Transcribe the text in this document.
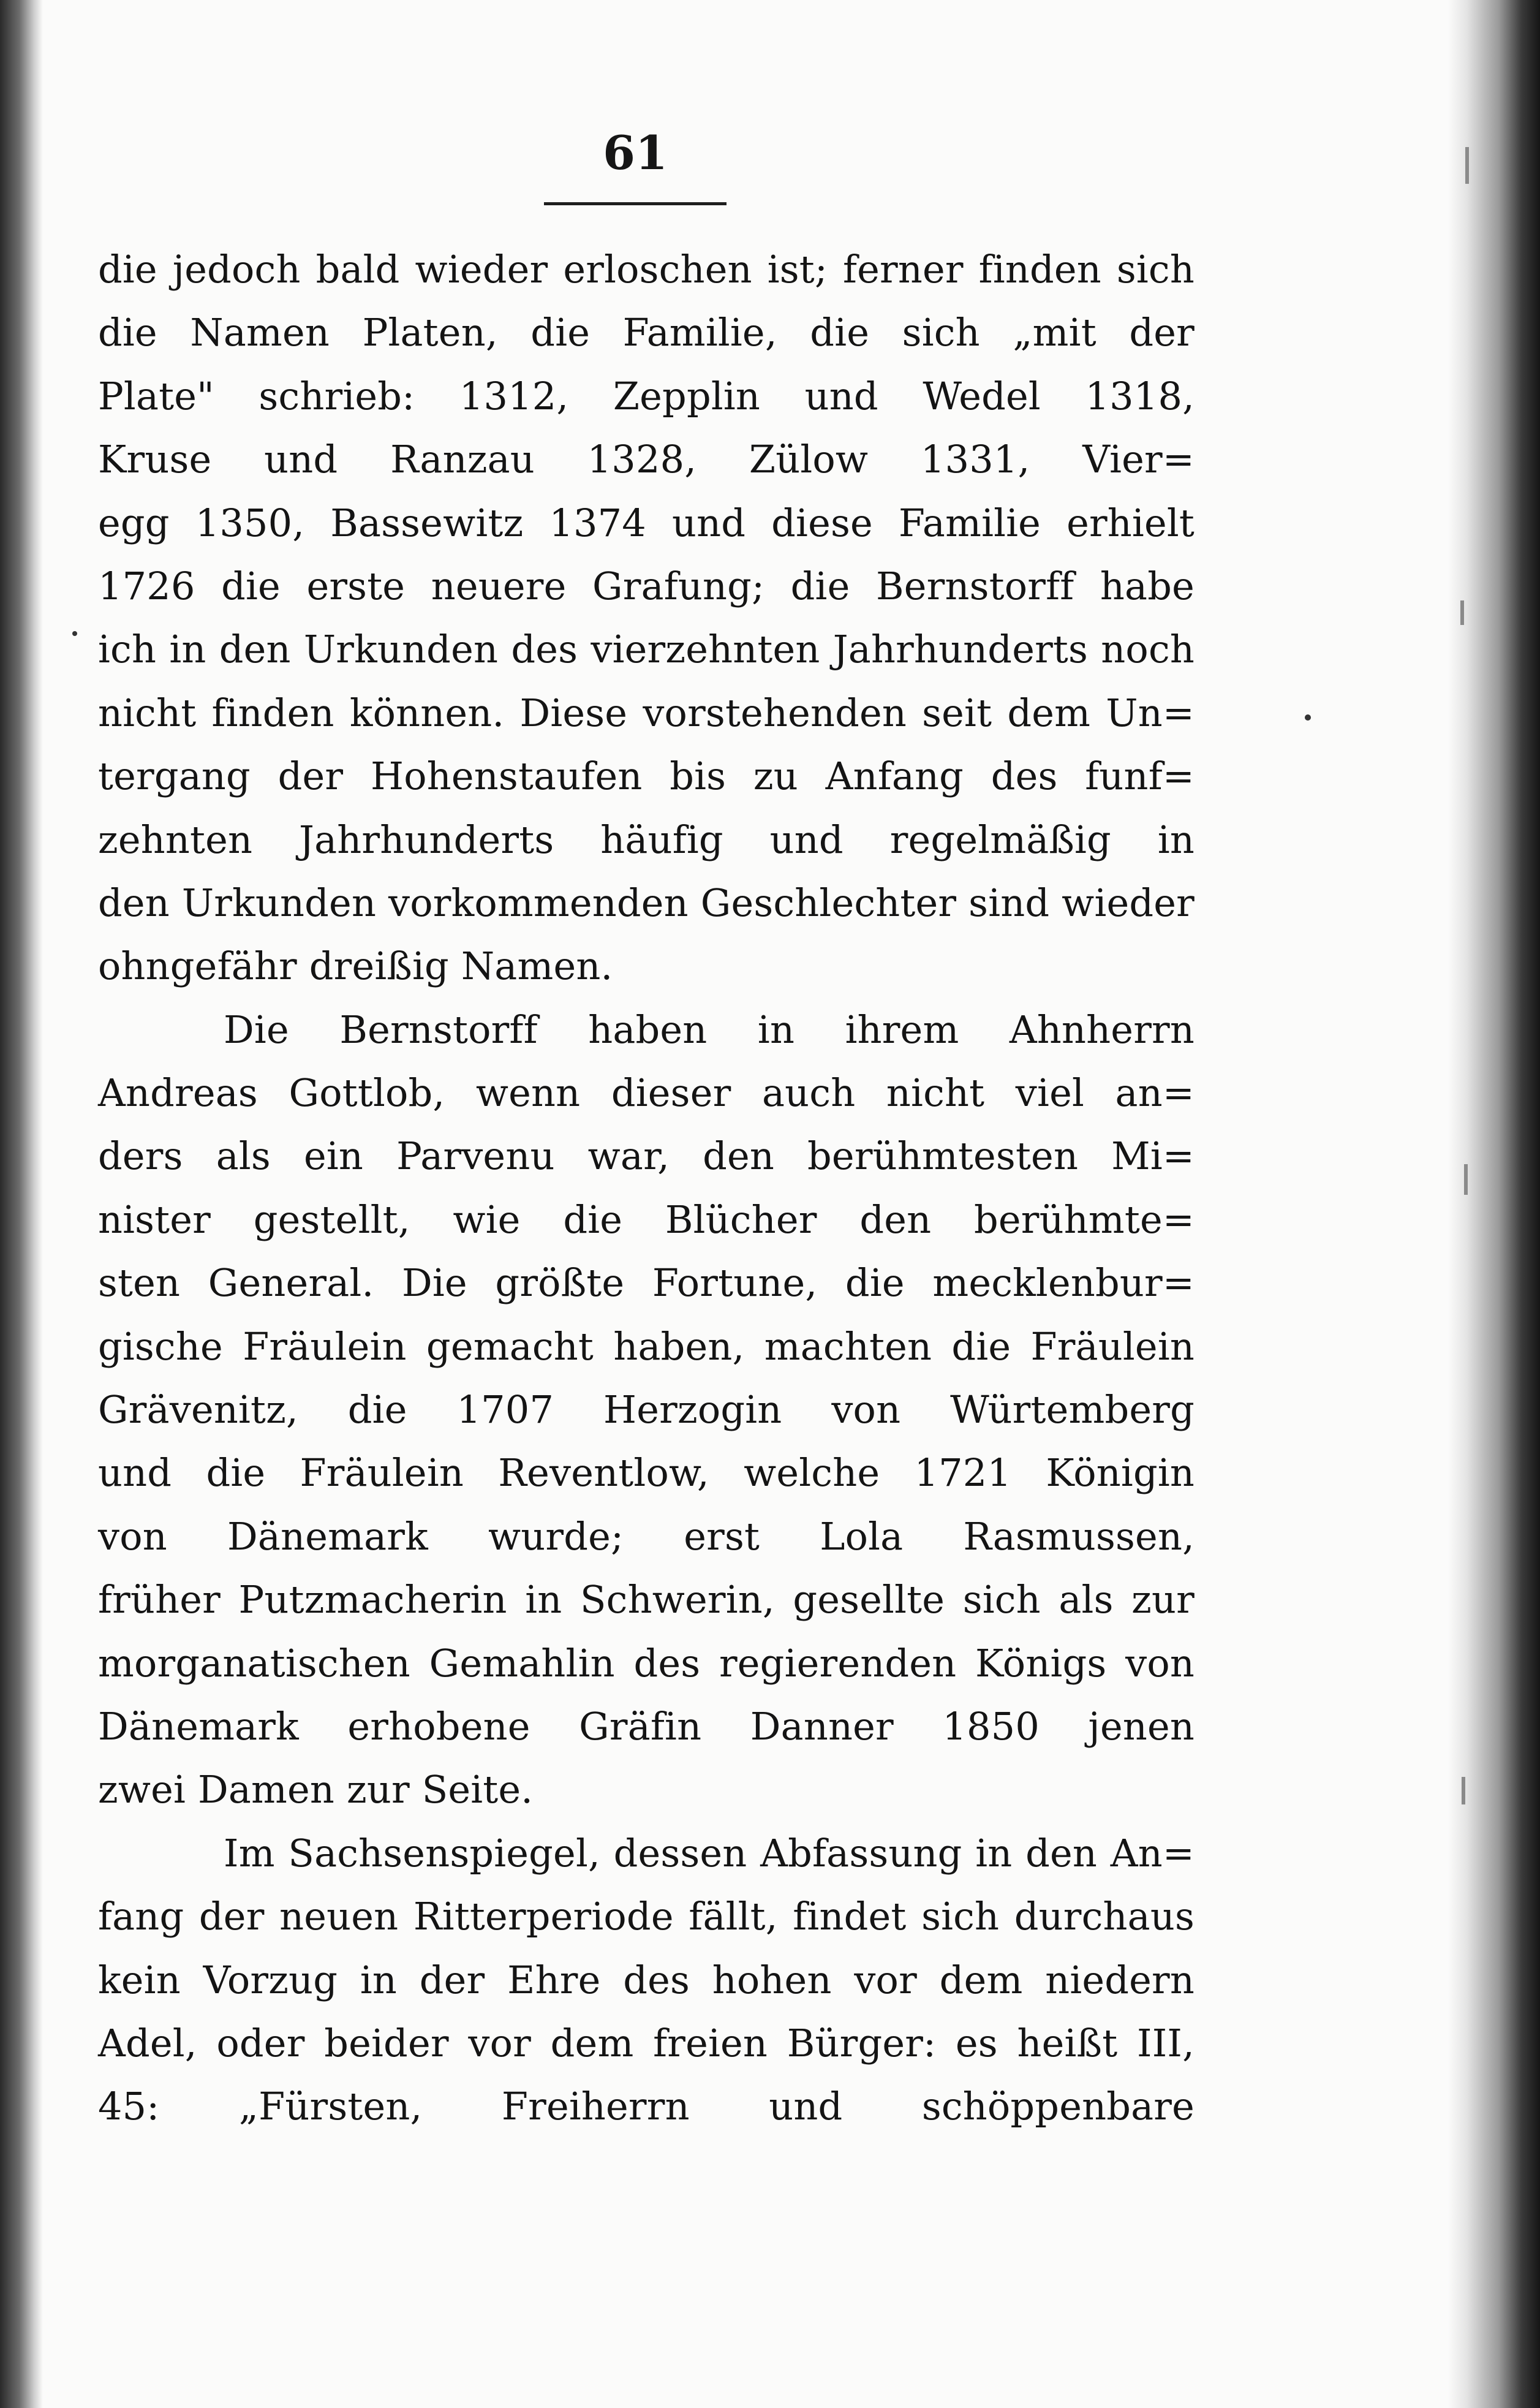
61
die jedoch bald wieder erloschen ist; ferner finden sich
die Namen Platen, die Familie, die sich „mit der
Plate" schrieb: 1312, Zepplin und Wedel 1318,
Kruse und Ranzau 1328, Zülow 1331, Vier=
egg 1350, Bassewitz 1374 und diese Familie erhielt
1726 die erste neuere Grafung; die Bernstorff habe
ich in den Urkunden des vierzehnten Jahrhunderts noch
nicht finden können. Diese vorstehenden seit dem Un=
tergang der Hohenstaufen bis zu Anfang des funf=
zehnten Jahrhunderts häufig und regelmäßig in
den Urkunden vorkommenden Geschlechter sind wieder
ohngefähr dreißig Namen.
Die Bernstorff haben in ihrem Ahnherrn
Andreas Gottlob, wenn dieser auch nicht viel an=
ders als ein Parvenu war, den berühmtesten Mi=
nister gestellt, wie die Blücher den berühmte=
sten General. Die größte Fortune, die mecklenbur=
gische Fräulein gemacht haben, machten die Fräulein
Grävenitz, die 1707 Herzogin von Würtemberg
und die Fräulein Reventlow, welche 1721 Königin
von Dänemark wurde; erst Lola Rasmussen,
früher Putzmacherin in Schwerin, gesellte sich als zur
morganatischen Gemahlin des regierenden Königs von
Dänemark erhobene Gräfin Danner 1850 jenen
zwei Damen zur Seite.
Im Sachsenspiegel, dessen Abfassung in den An=
fang der neuen Ritterperiode fällt, findet sich durchaus
kein Vorzug in der Ehre des hohen vor dem niedern
Adel, oder beider vor dem freien Bürger: es heißt III,
45: „Fürsten, Freiherrn und schöppenbare
